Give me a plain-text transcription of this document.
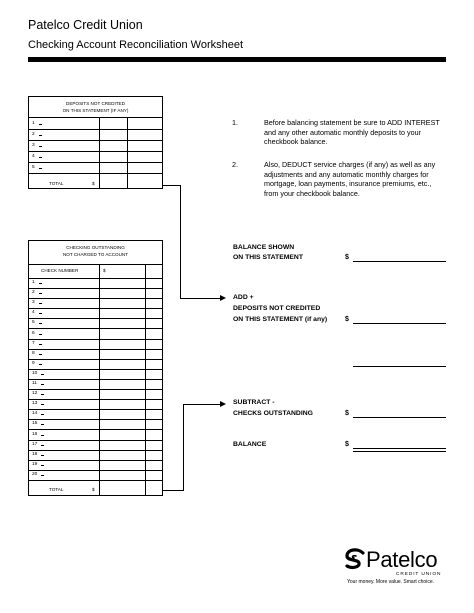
Patelco Credit Union
Checking Account Reconciliation Worksheet
DEPOSITS NOT CREDITED
ON THIS STATEMENT (IF ANY)
1
2
3
4
5
TOTAL	$
CHECKING OUTSTANDING
NOT CHARGED TO ACCOUNT
CHECK NUMBER	$
1
2
3
4
5
6
7
8
9
10
11
12
13
14
15
16
17
18
19
20
TOTAL	$
1.	Before balancing statement be sure to ADD INTEREST and any other automatic monthly deposits to your checkbook balance.
2.	Also, DEDUCT service charges (if any) as well as any adjustments and any automatic monthly charges for mortgage, loan payments, insurance premiums, etc., from your checkbook balance.
BALANCE SHOWN
ON THIS STATEMENT	$
ADD +
DEPOSITS NOT CREDITED
ON THIS STATEMENT (if any)	$
SUBTRACT -
CHECKS OUTSTANDING	$
BALANCE	$
Patelco
CREDIT UNION
Your money. More value. Smart choice.
